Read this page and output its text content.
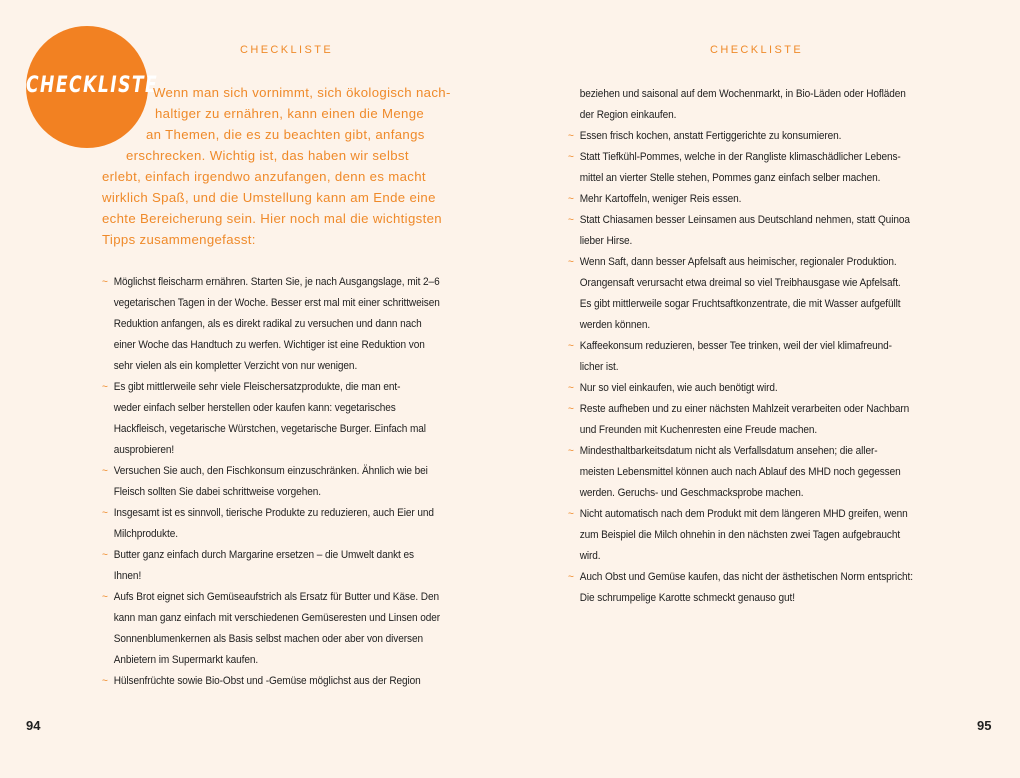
CHECKLISTE
CHECKLISTE
Wenn man sich vornimmt, sich ökologisch nach-
haltiger zu ernähren, kann einen die Menge
an Themen, die es zu beachten gibt, anfangs
erschrecken. Wichtig ist, das haben wir selbst
erlebt, einfach irgendwo anzufangen, denn es macht
wirklich Spaß, und die Umstellung kann am Ende eine
echte Bereicherung sein. Hier noch mal die wichtigsten
Tipps zusammengefasst:
~ Möglichst fleischarm ernähren. Starten Sie, je nach Ausgangslage, mit 2–6
vegetarischen Tagen in der Woche. Besser erst mal mit einer schrittweisen
Reduktion anfangen, als es direkt radikal zu versuchen und dann nach
einer Woche das Handtuch zu werfen. Wichtiger ist eine Reduktion von
sehr vielen als ein kompletter Verzicht von nur wenigen.
~ Es gibt mittlerweile sehr viele Fleischersatzprodukte, die man ent-
weder einfach selber herstellen oder kaufen kann: vegetarisches
Hackfleisch, vegetarische Würstchen, vegetarische Burger. Einfach mal
ausprobieren!
~ Versuchen Sie auch, den Fischkonsum einzuschränken. Ähnlich wie bei
Fleisch sollten Sie dabei schrittweise vorgehen.
~ Insgesamt ist es sinnvoll, tierische Produkte zu reduzieren, auch Eier und
Milchprodukte.
~ Butter ganz einfach durch Margarine ersetzen – die Umwelt dankt es
Ihnen!
~ Aufs Brot eignet sich Gemüseaufstrich als Ersatz für Butter und Käse. Den
kann man ganz einfach mit verschiedenen Gemüseresten und Linsen oder
Sonnenblumenkernen als Basis selbst machen oder aber von diversen
Anbietern im Supermarkt kaufen.
~ Hülsenfrüchte sowie Bio-Obst und -Gemüse möglichst aus der Region
94
CHECKLISTE
beziehen und saisonal auf dem Wochenmarkt, in Bio-Läden oder Hofläden
der Region einkaufen.
~ Essen frisch kochen, anstatt Fertiggerichte zu konsumieren.
~ Statt Tiefkühl-Pommes, welche in der Rangliste klimaschädlicher Lebens-
mittel an vierter Stelle stehen, Pommes ganz einfach selber machen.
~ Mehr Kartoffeln, weniger Reis essen.
~ Statt Chiasamen besser Leinsamen aus Deutschland nehmen, statt Quinoa
lieber Hirse.
~ Wenn Saft, dann besser Apfelsaft aus heimischer, regionaler Produktion.
Orangensaft verursacht etwa dreimal so viel Treibhausgase wie Apfelsaft.
Es gibt mittlerweile sogar Fruchtsaftkonzentrate, die mit Wasser aufgefüllt
werden können.
~ Kaffeekonsum reduzieren, besser Tee trinken, weil der viel klimafreund-
licher ist.
~ Nur so viel einkaufen, wie auch benötigt wird.
~ Reste aufheben und zu einer nächsten Mahlzeit verarbeiten oder Nachbarn
und Freunden mit Kuchenresten eine Freude machen.
~ Mindesthaltbarkeitsdatum nicht als Verfallsdatum ansehen; die aller-
meisten Lebensmittel können auch nach Ablauf des MHD noch gegessen
werden. Geruchs- und Geschmacksprobe machen.
~ Nicht automatisch nach dem Produkt mit dem längeren MHD greifen, wenn
zum Beispiel die Milch ohnehin in den nächsten zwei Tagen aufgebraucht
wird.
~ Auch Obst und Gemüse kaufen, das nicht der ästhetischen Norm entspricht:
Die schrumpelige Karotte schmeckt genauso gut!
95
